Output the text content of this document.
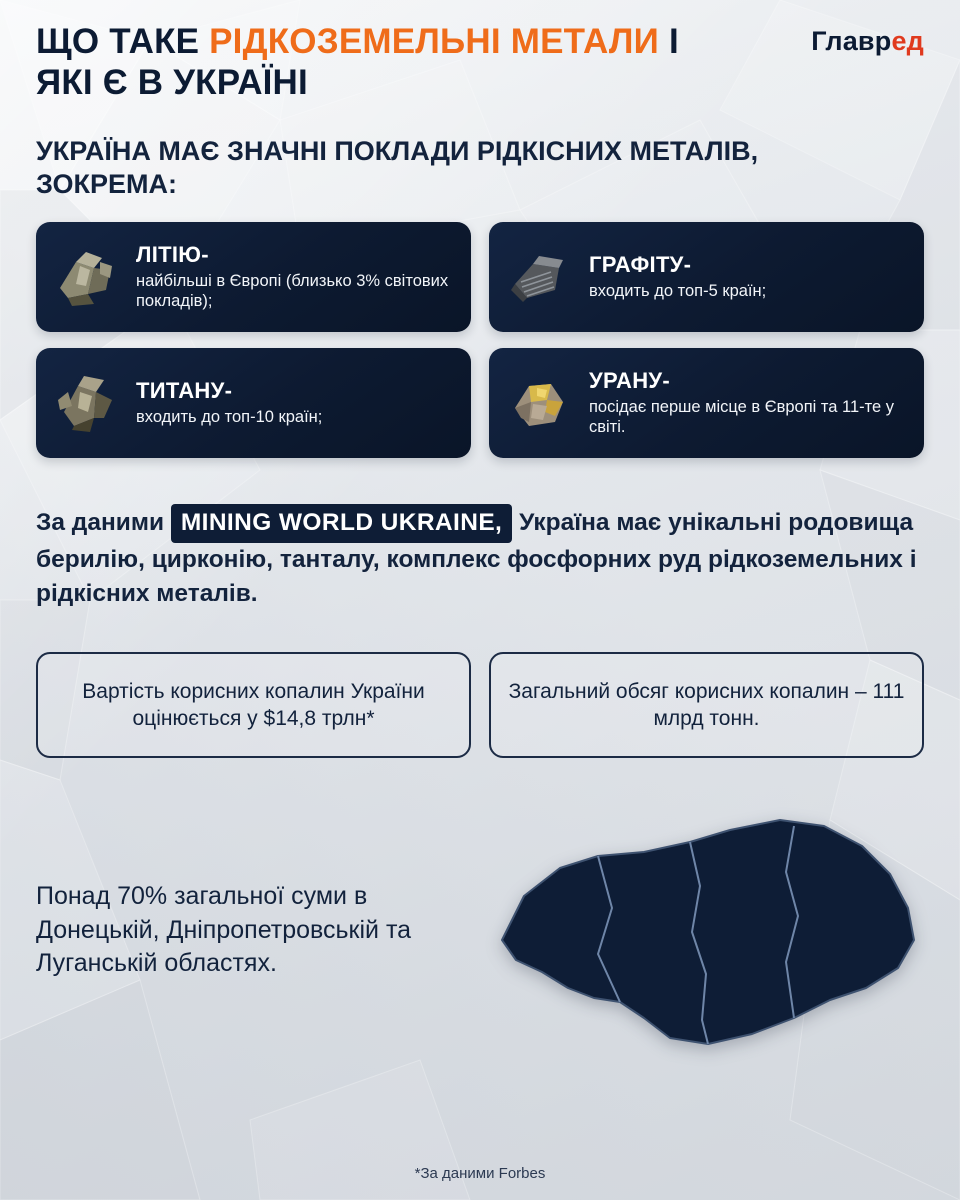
ЩО ТАКЕ РІДКОЗЕМЕЛЬНІ МЕТАЛИ І ЯКІ Є В УКРАЇНІ
Главред
УКРАЇНА МАЄ ЗНАЧНІ ПОКЛАДИ РІДКІСНИХ МЕТАЛІВ, ЗОКРЕМА:
ЛІТІЮ-
найбільші в Європі (близько 3% світових покладів);
ГРАФІТУ-
входить до топ-5 країн;
ТИТАНУ-
входить до топ-10 країн;
УРАНУ-
посідає перше місце в Європі та 11-те у світі.
За даними MINING WORLD UKRAINE, Україна має унікальні родовища берилію, цирконію, танталу, комплекс фосфорних руд рідкоземельних і рідкісних металів.
Вартість корисних копалин України оцінюється у $14,8 трлн*
Загальний обсяг корисних копалин – 111 млрд тонн.
Понад 70% загальної суми в Донецькій, Дніпропетровській та Луганській областях.
*За даними Forbes
